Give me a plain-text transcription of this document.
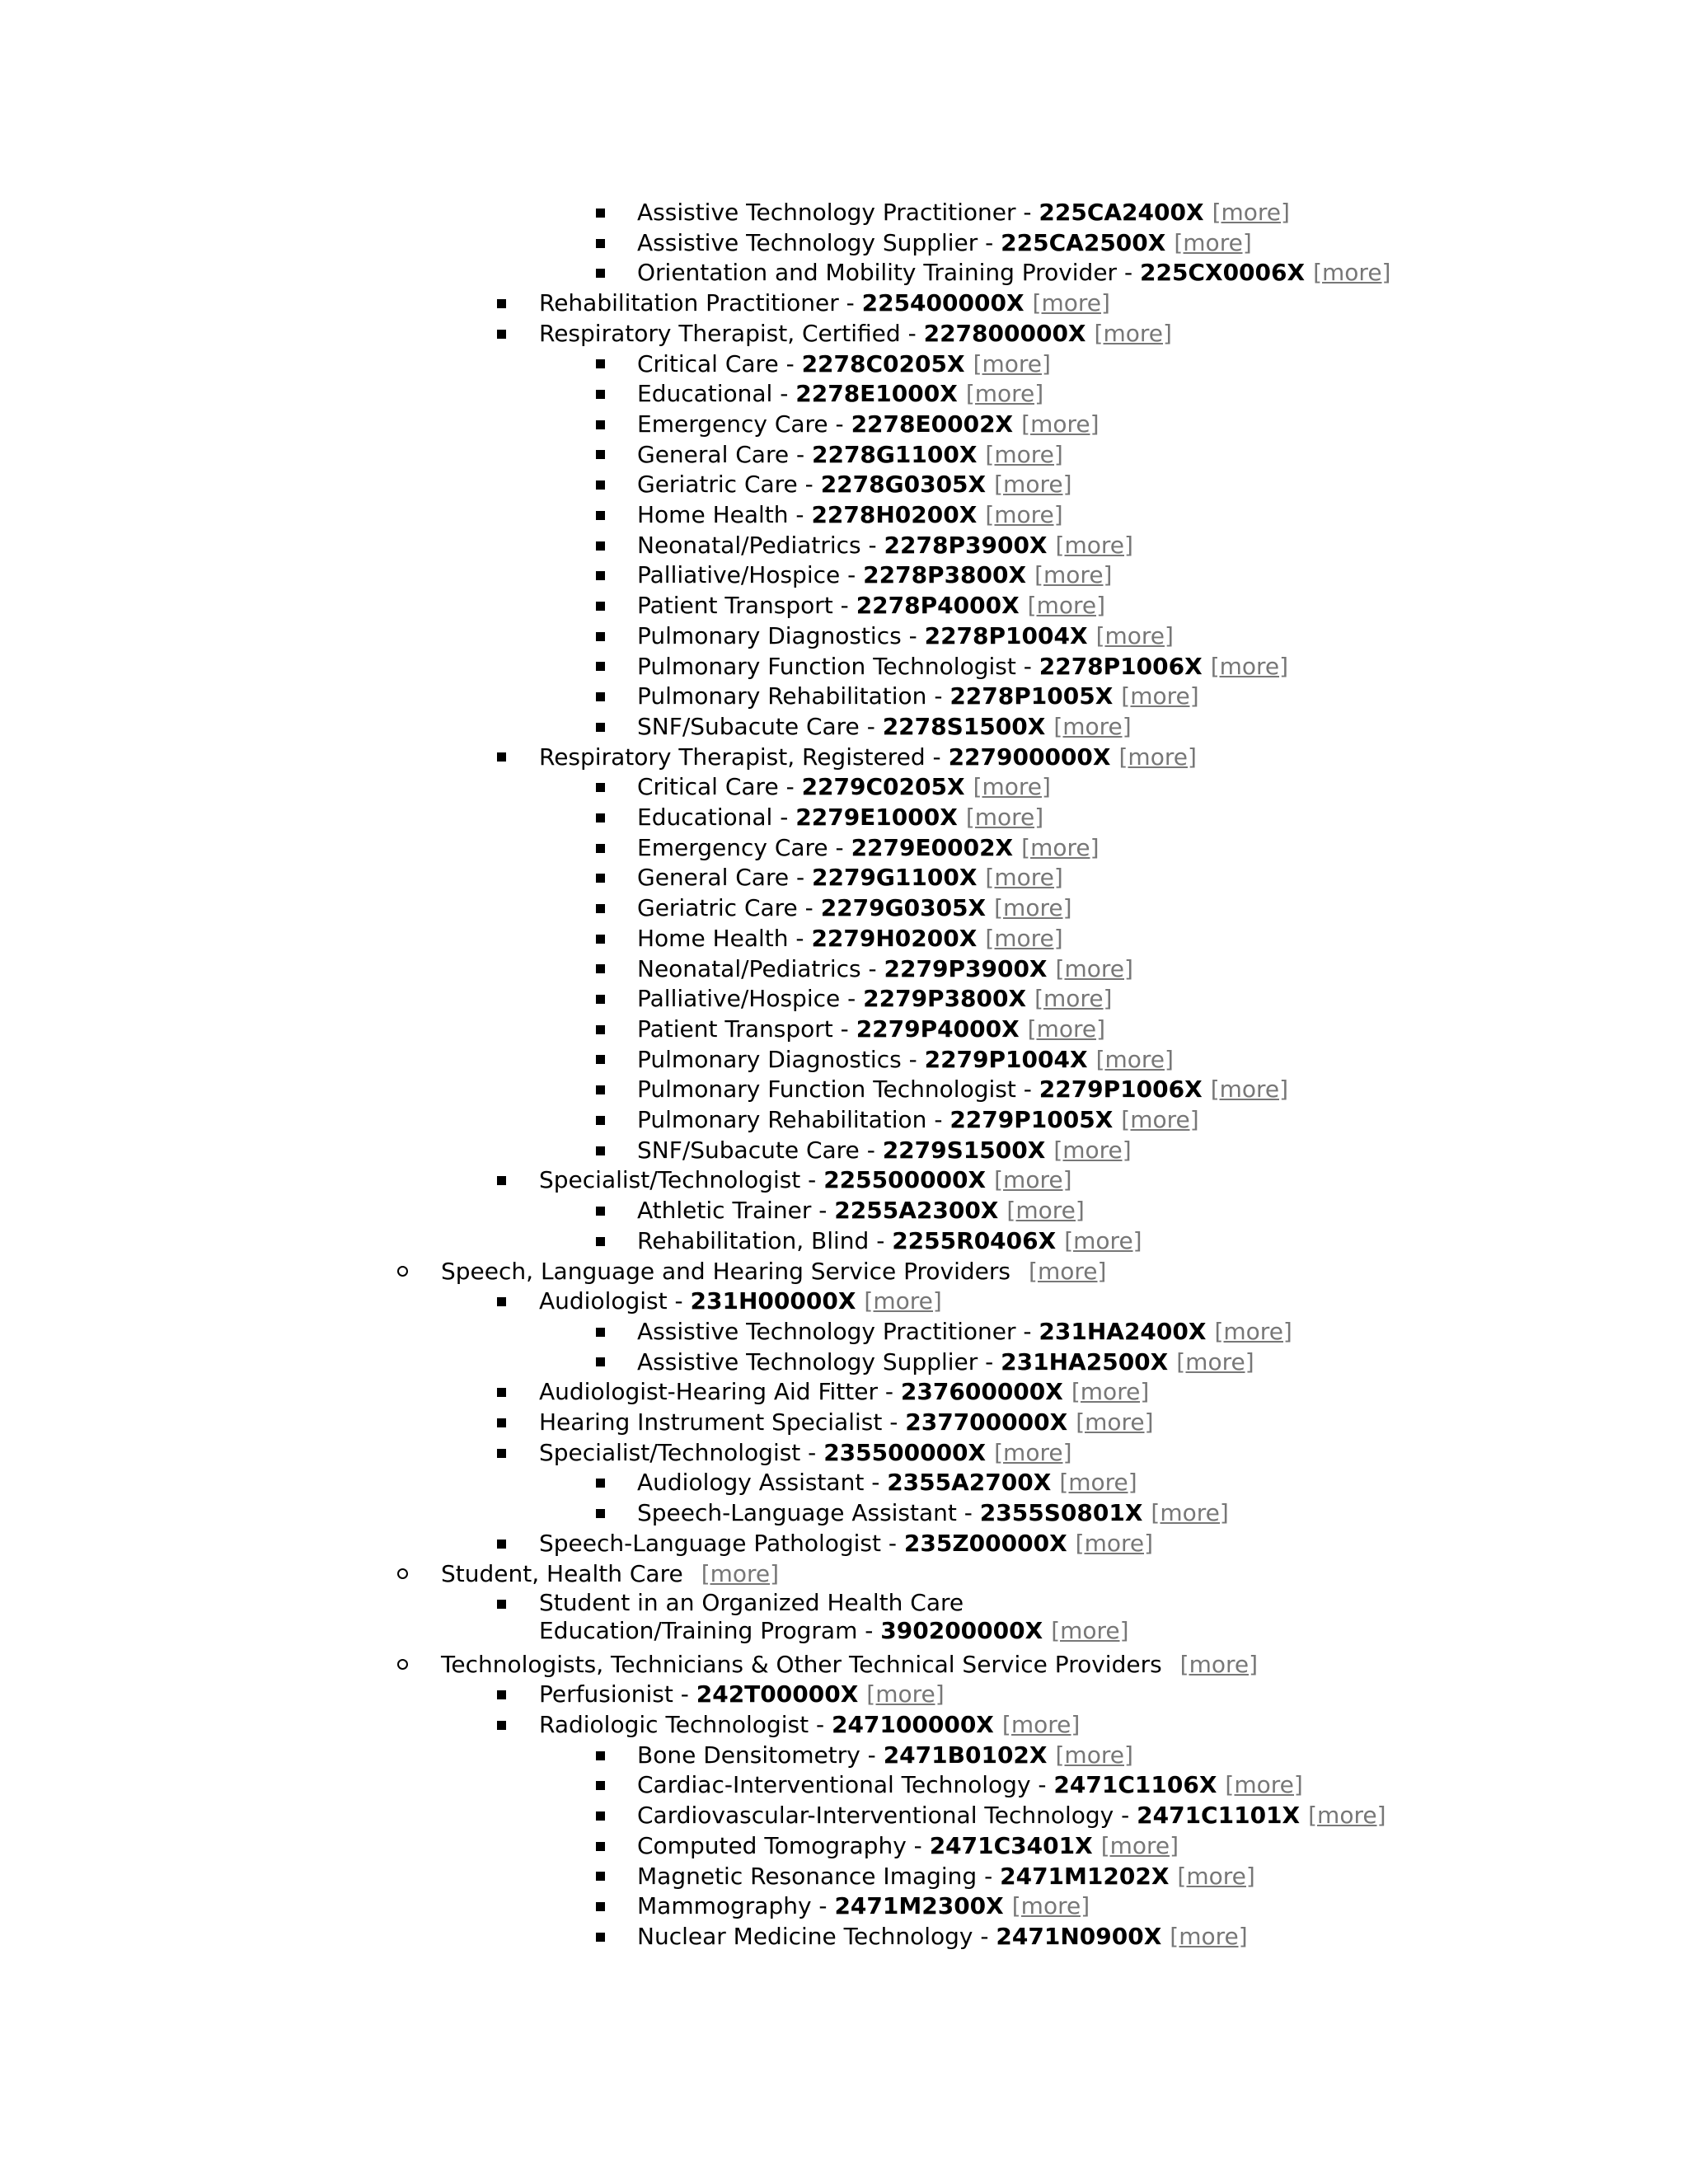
Assistive Technology Practitioner - 225CA2400X [more]
Assistive Technology Supplier - 225CA2500X [more]
Orientation and Mobility Training Provider - 225CX0006X [more]
Rehabilitation Practitioner - 225400000X [more]
Respiratory Therapist, Certified - 227800000X [more]
Critical Care - 2278C0205X [more]
Educational - 2278E1000X [more]
Emergency Care - 2278E0002X [more]
General Care - 2278G1100X [more]
Geriatric Care - 2278G0305X [more]
Home Health - 2278H0200X [more]
Neonatal/Pediatrics - 2278P3900X [more]
Palliative/Hospice - 2278P3800X [more]
Patient Transport - 2278P4000X [more]
Pulmonary Diagnostics - 2278P1004X [more]
Pulmonary Function Technologist - 2278P1006X [more]
Pulmonary Rehabilitation - 2278P1005X [more]
SNF/Subacute Care - 2278S1500X [more]
Respiratory Therapist, Registered - 227900000X [more]
Critical Care - 2279C0205X [more]
Educational - 2279E1000X [more]
Emergency Care - 2279E0002X [more]
General Care - 2279G1100X [more]
Geriatric Care - 2279G0305X [more]
Home Health - 2279H0200X [more]
Neonatal/Pediatrics - 2279P3900X [more]
Palliative/Hospice - 2279P3800X [more]
Patient Transport - 2279P4000X [more]
Pulmonary Diagnostics - 2279P1004X [more]
Pulmonary Function Technologist - 2279P1006X [more]
Pulmonary Rehabilitation - 2279P1005X [more]
SNF/Subacute Care - 2279S1500X [more]
Specialist/Technologist - 225500000X [more]
Athletic Trainer - 2255A2300X [more]
Rehabilitation, Blind - 2255R0406X [more]
Speech, Language and Hearing Service Providers [more]
Audiologist - 231H00000X [more]
Assistive Technology Practitioner - 231HA2400X [more]
Assistive Technology Supplier - 231HA2500X [more]
Audiologist-Hearing Aid Fitter - 237600000X [more]
Hearing Instrument Specialist - 237700000X [more]
Specialist/Technologist - 235500000X [more]
Audiology Assistant - 2355A2700X [more]
Speech-Language Assistant - 2355S0801X [more]
Speech-Language Pathologist - 235Z00000X [more]
Student, Health Care [more]
Student in an Organized Health Care Education/Training Program - 390200000X [more]
Technologists, Technicians & Other Technical Service Providers [more]
Perfusionist - 242T00000X [more]
Radiologic Technologist - 247100000X [more]
Bone Densitometry - 2471B0102X [more]
Cardiac-Interventional Technology - 2471C1106X [more]
Cardiovascular-Interventional Technology - 2471C1101X [more]
Computed Tomography - 2471C3401X [more]
Magnetic Resonance Imaging - 2471M1202X [more]
Mammography - 2471M2300X [more]
Nuclear Medicine Technology - 2471N0900X [more]
